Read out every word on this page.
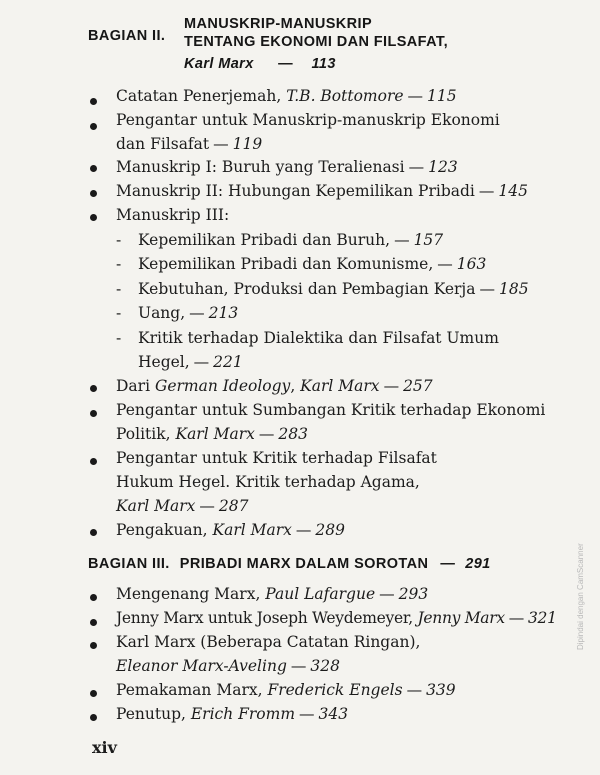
BAGIAN II.
MANUSKRIP-MANUSKRIP
TENTANG EKONOMI DAN FILSAFAT,
Karl Marx — 113
Catatan Penerjemah, T.B. Bottomore — 115
Pengantar untuk Manuskrip-manuskrip Ekonomi
dan Filsafat — 119
Manuskrip I: Buruh yang Teralienasi — 123
Manuskrip II: Hubungan Kepemilikan Pribadi — 145
Manuskrip III:
- Kepemilikan Pribadi dan Buruh, — 157
- Kepemilikan Pribadi dan Komunisme, — 163
- Kebutuhan, Produksi dan Pembagian Kerja — 185
- Uang, — 213
- Kritik terhadap Dialektika dan Filsafat Umum
Hegel, — 221
Dari German Ideology, Karl Marx — 257
Pengantar untuk Sumbangan Kritik terhadap Ekonomi
Politik, Karl Marx — 283
Pengantar untuk Kritik terhadap Filsafat
Hukum Hegel. Kritik terhadap Agama,
Karl Marx — 287
Pengakuan, Karl Marx — 289
BAGIAN III. PRIBADI MARX DALAM SOROTAN — 291
Mengenang Marx, Paul Lafargue — 293
Jenny Marx untuk Joseph Weydemeyer, Jenny Marx — 321
Karl Marx (Beberapa Catatan Ringan),
Eleanor Marx-Aveling — 328
Pemakaman Marx, Frederick Engels — 339
Penutup, Erich Fromm — 343
xiv
Dipindai dengan CamScanner
